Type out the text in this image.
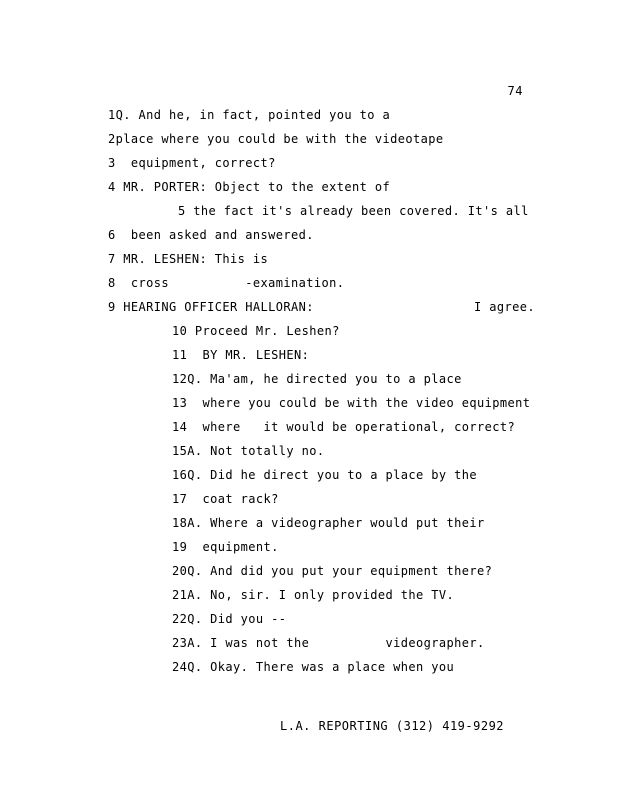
74
1Q. And he, in fact, pointed you to a
2place where you could be with the videotape
3  equipment, correct?
4 MR. PORTER: Object to the extent of
5 the fact it's already been covered. It's all
6  been asked and answered.
7 MR. LESHEN: This is
8  cross          -examination.
9 HEARING OFFICER HALLORAN:                     I agree.
10 Proceed Mr. Leshen?
11  BY MR. LESHEN:
12Q. Ma'am, he directed you to a place
13  where you could be with the video equipment
14  where   it would be operational, correct?
15A. Not totally no.
16Q. Did he direct you to a place by the
17  coat rack?
18A. Where a videographer would put their
19  equipment.
20Q. And did you put your equipment there?
21A. No, sir. I only provided the TV.
22Q. Did you --
23A. I was not the          videographer.
24Q. Okay. There was a place when you
L.A. REPORTING (312) 419-9292
